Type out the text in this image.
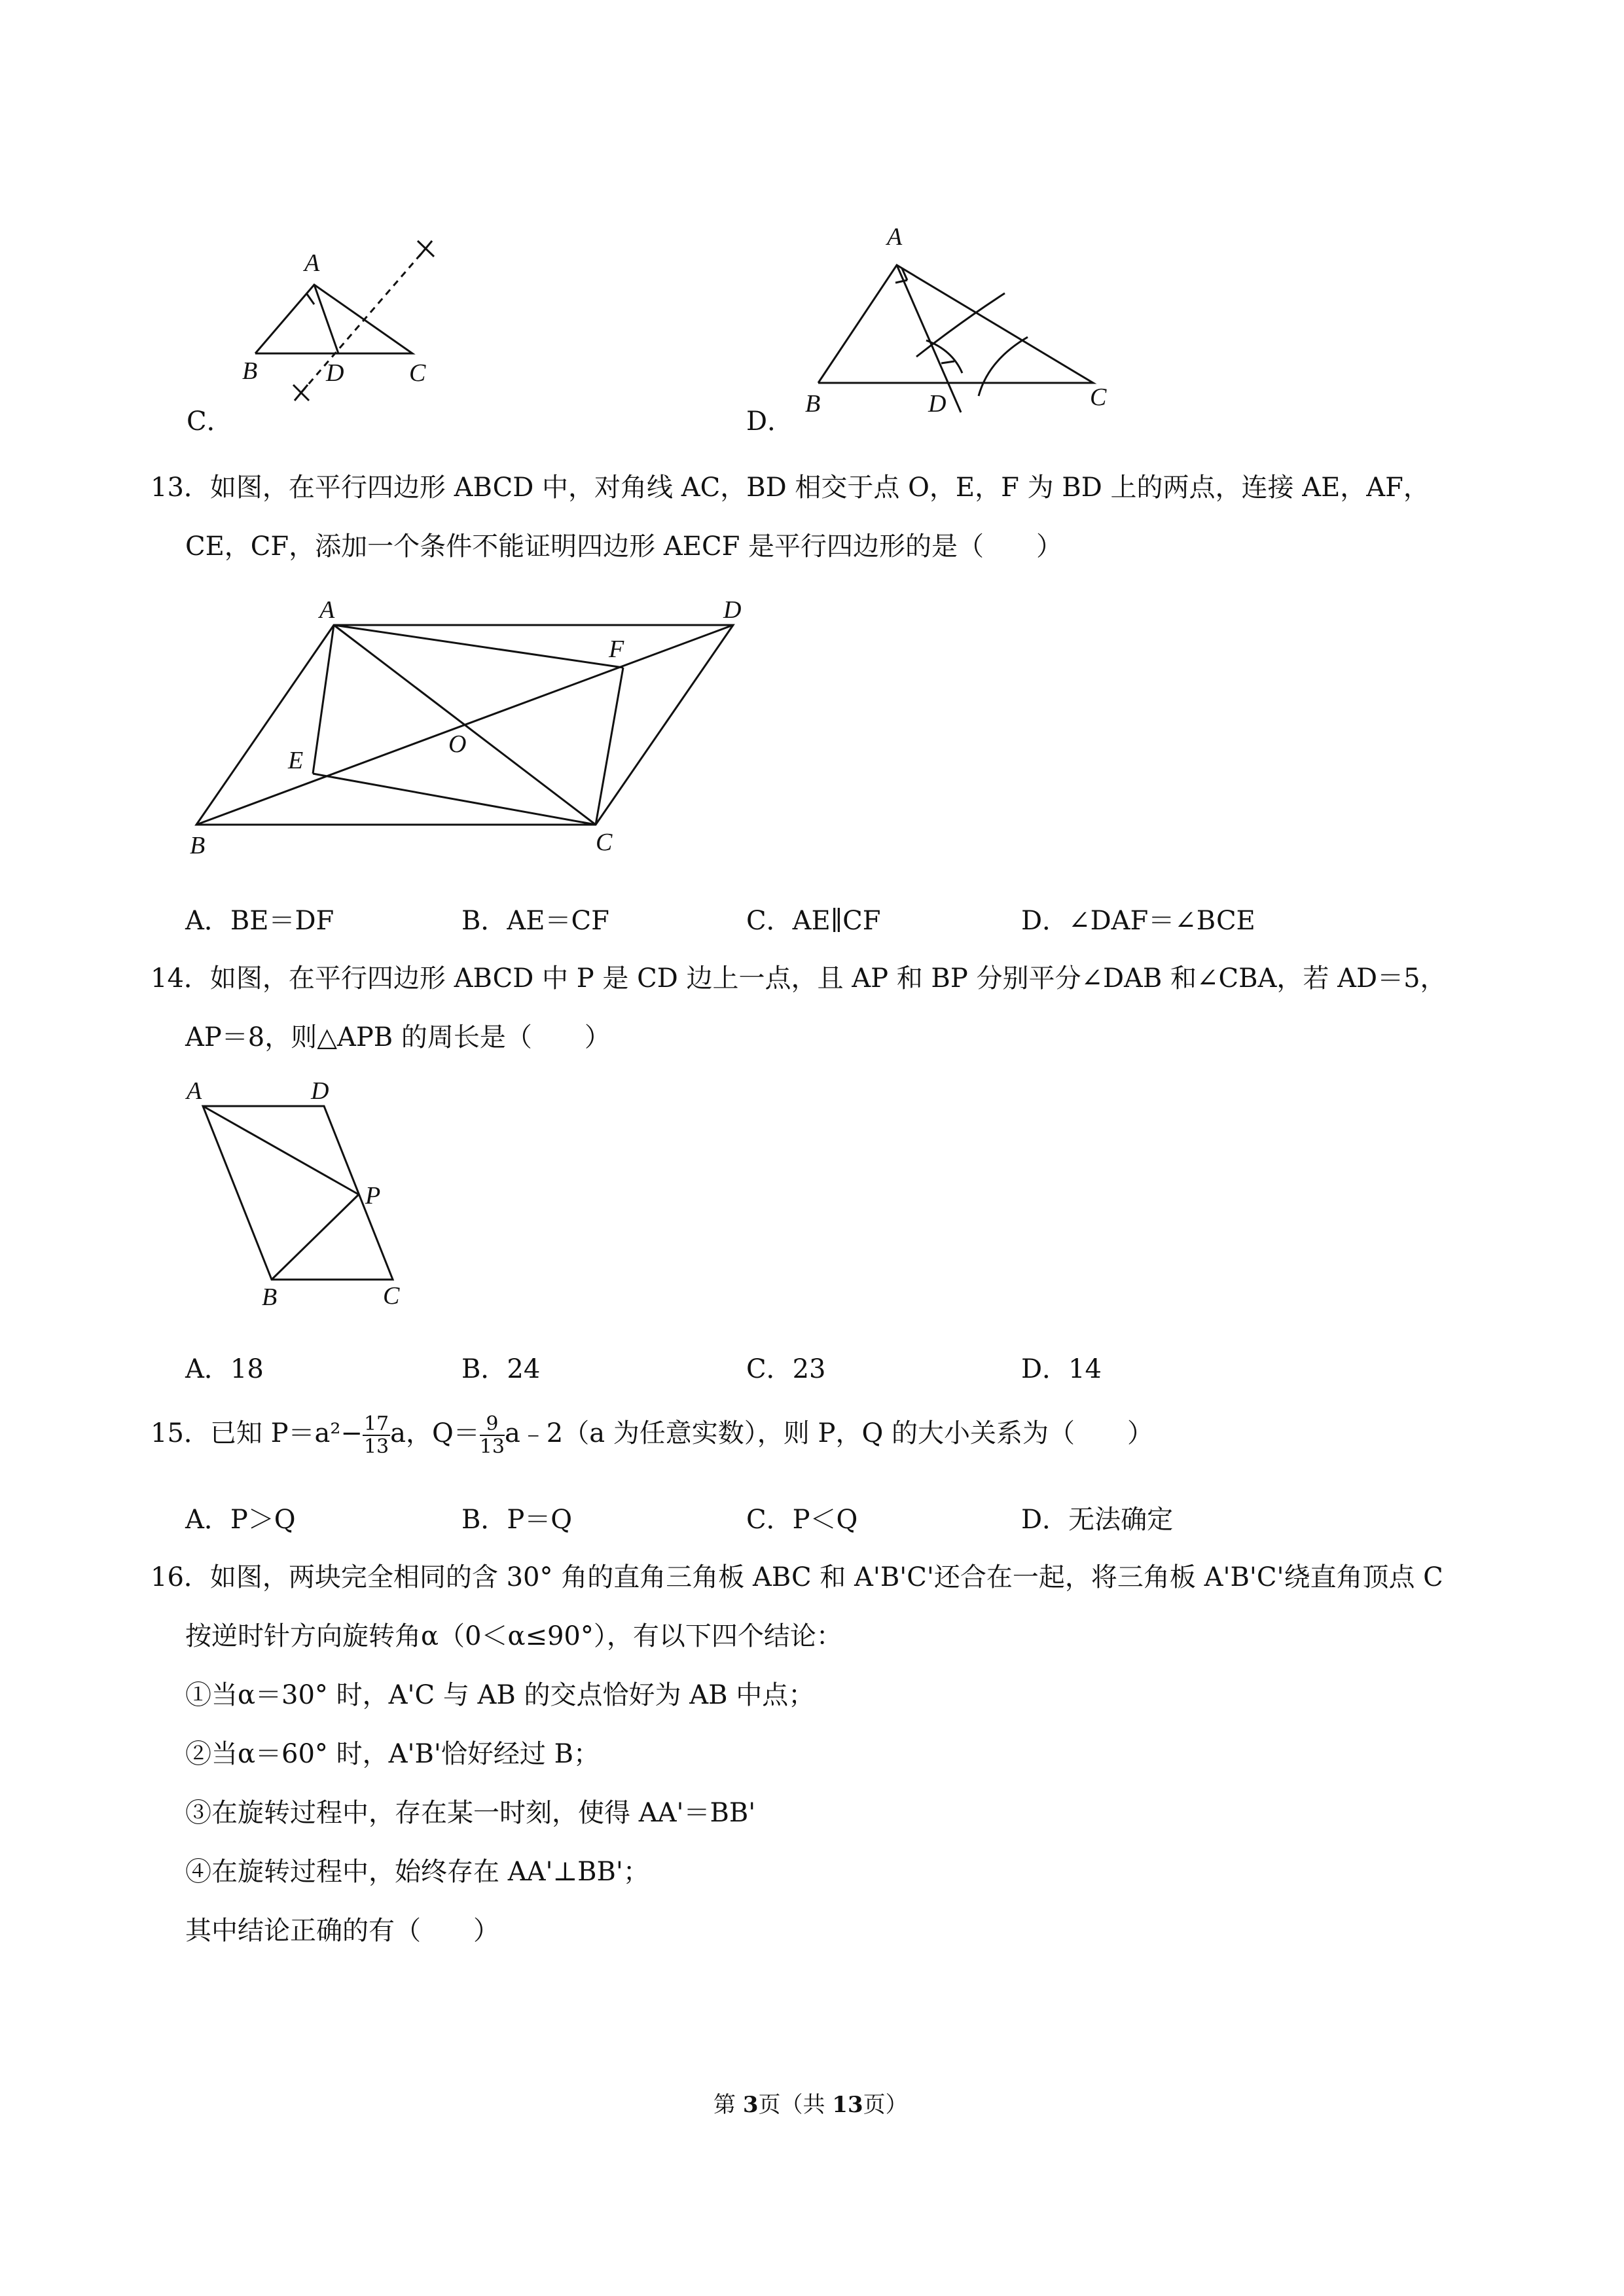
A
B	D	C
C．
A
B	D	C
D．
13．如图，在平行四边形 ABCD 中，对角线 AC，BD 相交于点 O，E，F 为 BD 上的两点，连接 AE，AF，
CE，CF，添加一个条件不能证明四边形 AECF 是平行四边形的是（　　）
A	D
F
O
E
B	C
A．BE＝DF	B．AE＝CF	C．AE∥CF	D．∠DAF＝∠BCE
14．如图，在平行四边形 ABCD 中 P 是 CD 边上一点，且 AP 和 BP 分别平分∠DAB 和∠CBA，若 AD＝5，
AP＝8，则△APB 的周长是（　　）
A	D
P
B	C
A．18	B．24	C．23	D．14
15．已知 $P=a^2- \frac{17}{13}$ a，$Q= \frac{9}{13}$ a﹣2（a 为任意实数），则 P，Q 的大小关系为（　　）
A．P＞Q	B．P＝Q	C．P＜Q	D．无法确定
16．如图，两块完全相同的含 30° 角的直角三角板 ABC 和 A'B'C'还合在一起，将三角板 A'B'C'绕直角顶点 C
按逆时针方向旋转角α（0＜α≤90°），有以下四个结论：
①当α＝30° 时，A'C 与 AB 的交点恰好为 AB 中点；
②当α＝60° 时，A'B'恰好经过 B；
③在旋转过程中，存在某一时刻，使得 AA'＝BB'
④在旋转过程中，始终存在 AA'⊥BB'；
其中结论正确的有（　　）
第 3页（共 13页）
